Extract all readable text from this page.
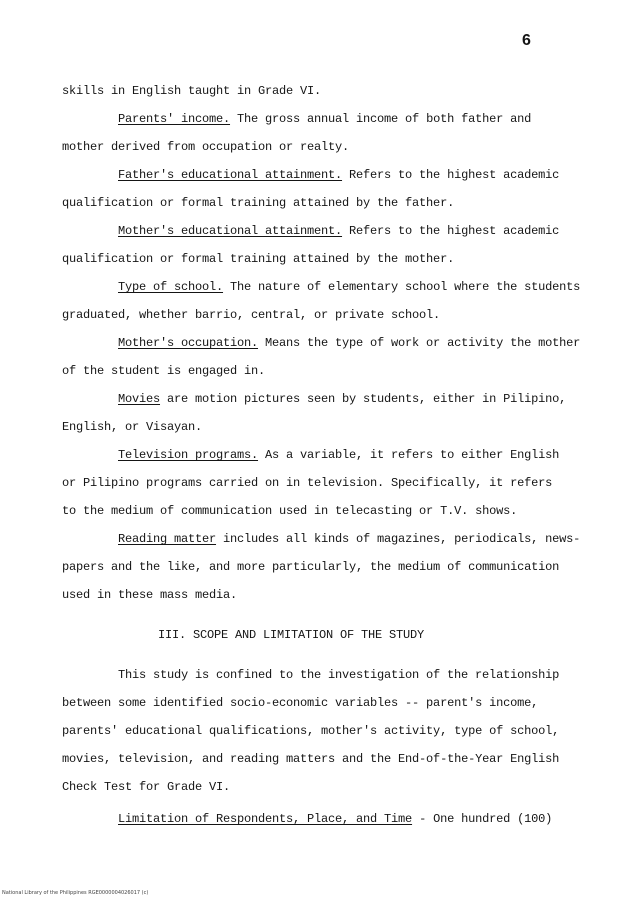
6
skills in English taught in Grade VI.
Parents' income. The gross annual income of both father and
mother derived from occupation or realty.
Father's educational attainment. Refers to the highest academic
qualification or formal training attained by the father.
Mother's educational attainment. Refers to the highest academic
qualification or formal training attained by the mother.
Type of school. The nature of elementary school where the students
graduated, whether barrio, central, or private school.
Mother's occupation. Means the type of work or activity the mother
of the student is engaged in.
Movies are motion pictures seen by students, either in Pilipino,
English, or Visayan.
Television programs. As a variable, it refers to either English
or Pilipino programs carried on in television. Specifically, it refers
to the medium of communication used in telecasting or T.V. shows.
Reading matter includes all kinds of magazines, periodicals, news-
papers and the like, and more particularly, the medium of communication
used in these mass media.
III. SCOPE AND LIMITATION OF THE STUDY
This study is confined to the investigation of the relationship
between some identified socio-economic variables -- parent's income,
parents' educational qualifications, mother's activity, type of school,
movies, television, and reading matters and the End-of-the-Year English
Check Test for Grade VI.
Limitation of Respondents, Place, and Time - One hundred (100)
National Library of the Philippines RGE0000004026017 (c)
